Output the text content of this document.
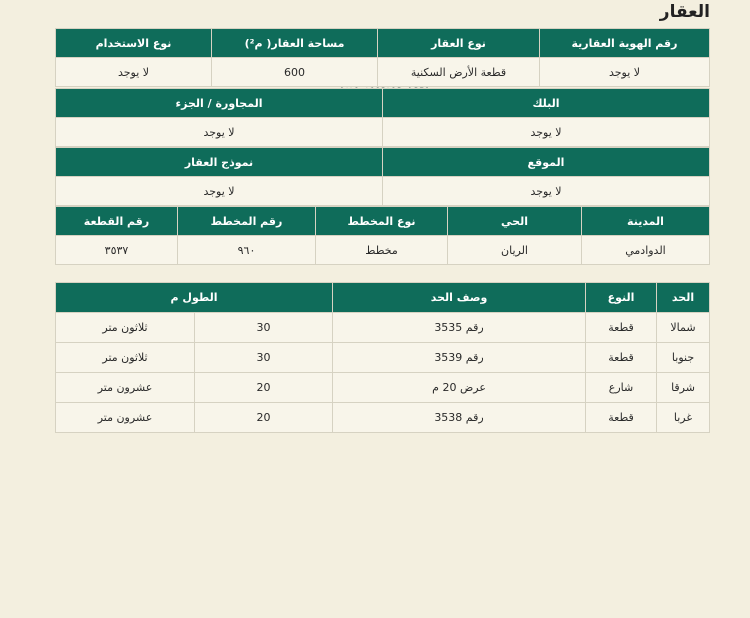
العقار
رقم الهوية العقارية	نوع العقار	مساحة العقار( م²)	نوع الاستخدام
لا يوجد	قطعة الأرض السكنية	600	لا يوجد
البلك	المجاورة / الجزء
لا يوجد	لا يوجد
الموقع	نموذج العقار
لا يوجد	لا يوجد
المدينة	الحي	نوع المخطط	رقم المخطط	رقم القطعة
الدوادمي	الريان	مخطط	٩٦٠	٣٥٣٧
الحد	النوع	وصف الحد	الطول م	
شمالا	قطعة	رقم 3535	30	ثلاثون متر
جنوبا	قطعة	رقم 3539	30	ثلاثون متر
شرقا	شارع	عرض 20 م	20	عشرون متر
غربا	قطعة	رقم 3538	20	عشرون متر
